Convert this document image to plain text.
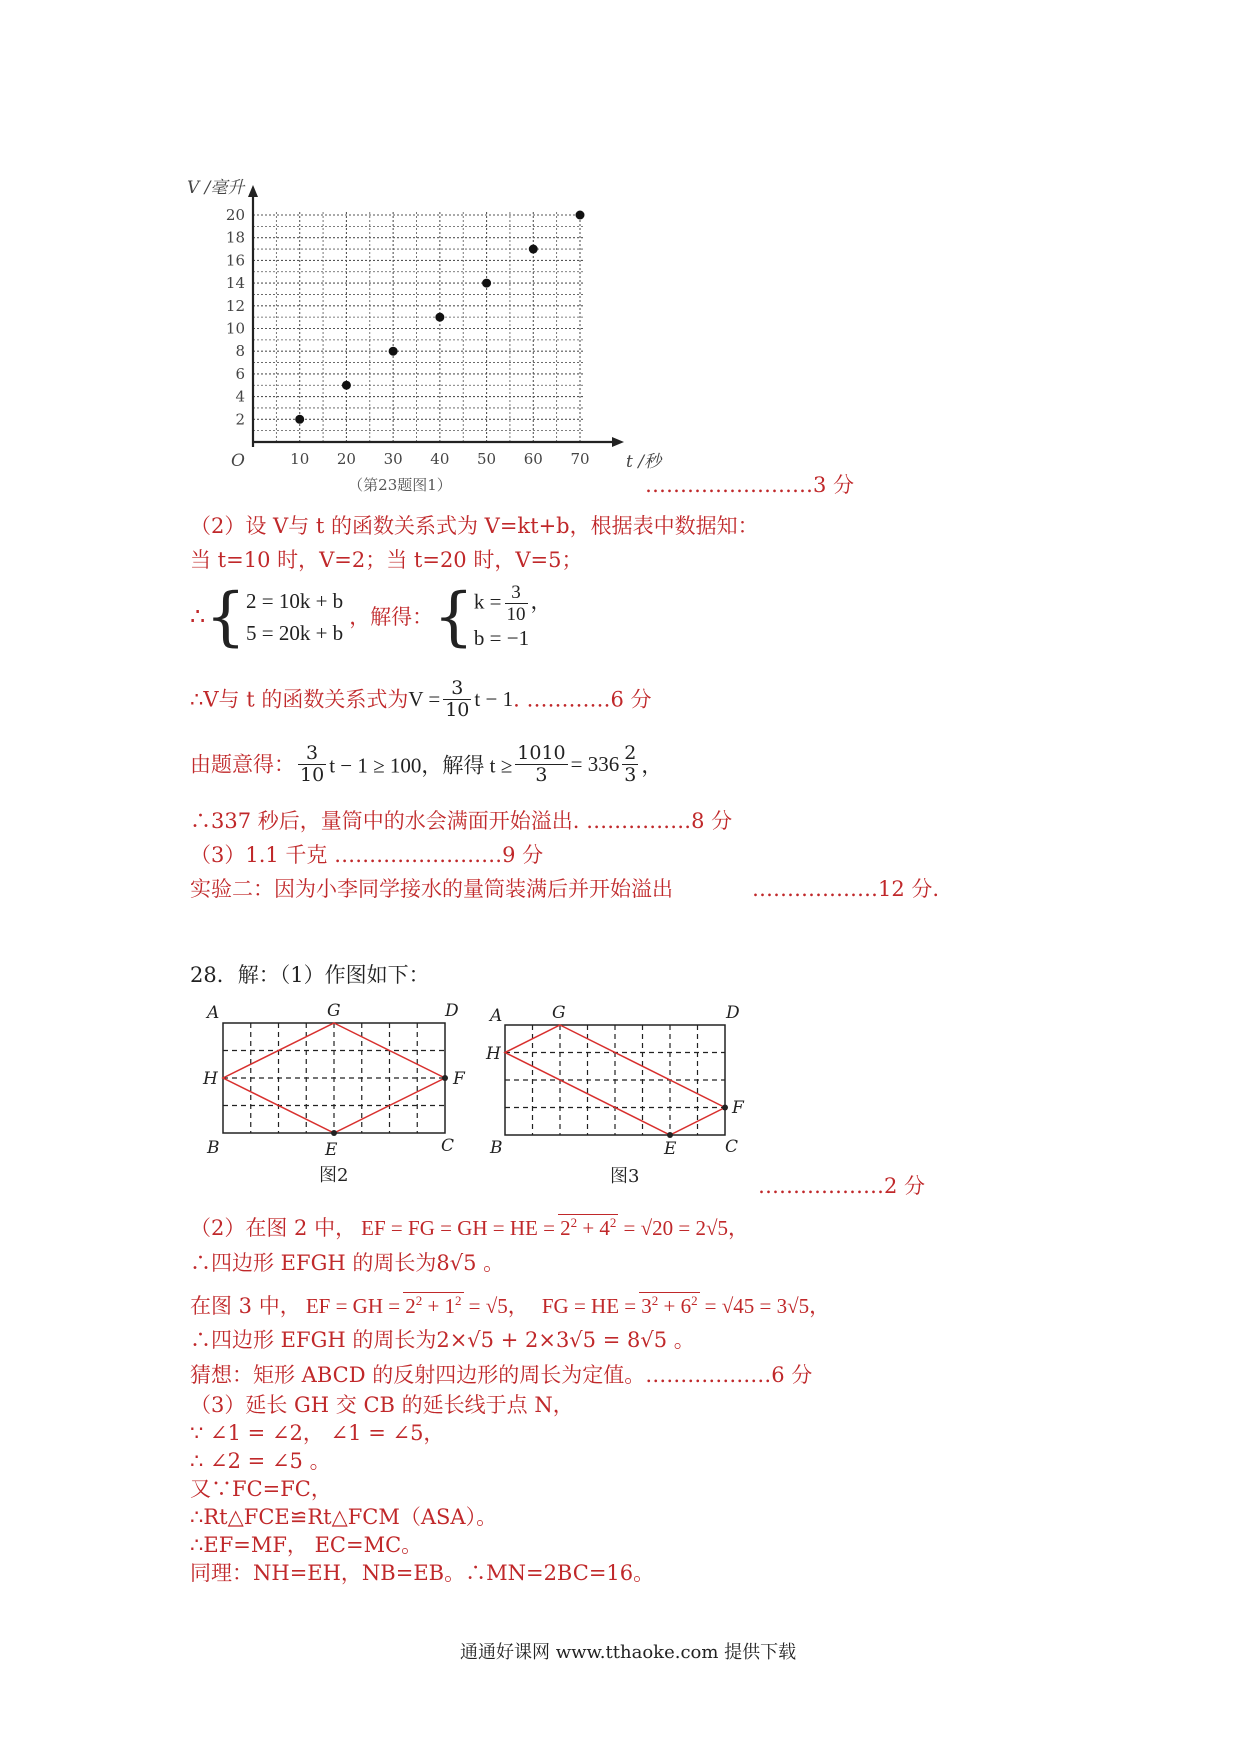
10 20 30 40 50 60 70
2
4
6
8
10
12
14
16
18
20
O	t /秒
V /毫升
（第23题图1）	……………………3 分
（2）设 V与 t 的函数关系式为 V=kt+b，根据表中数据知：
当 t=10 时，V=2；当 t=20 时，V=5；
∴{ 2 = 10k + b
5 = 20k + b
，解得：{ $k = \frac{3}{10}$ ，
b = −1
∴V与 t 的函数关系式为$V = \frac{3}{10}$ t − 1. …………6 分
由题意得： $\frac{3}{10}$ t − 1 ≥ 100，解得 $t \ge \frac{1010}{3} = 336 \frac{2}{3}$ ，
∴337 秒后，量筒中的水会满面开始溢出. ……………8 分
（3）1.1 千克 ……………………9 分
实验二：因为小李同学接水的量筒装满后并开始溢出	………………12 分.
28．解：（1）作图如下：
A	G	D
H	F
B	E	C
图2
A	G	D
H
F
B	E	C
图3	………………2 分
（2）在图 2 中， EF = FG = GH = HE = $2^2 + 4^2 = √20 = 2√5$，
∴四边形 EFGH 的周长为8√5 。
在图 3 中， EF = GH = $2^2 + 1^2 = √5$， FG = HE = $3^2 + 6^2 = √45 = 3√5$，
∴四边形 EFGH 的周长为2×√5 + 2×3√5 = 8√5 。
猜想：矩形 ABCD 的反射四边形的周长为定值。………………6 分
（3）延长 GH 交 CB 的延长线于点 N，
∵ ∠1 = ∠2， ∠1 = ∠5，
∴ ∠2 = ∠5 。
又∵FC=FC，
∴Rt△FCE≌Rt△FCM（ASA）。
∴EF=MF， EC=MC。
同理：NH=EH，NB=EB。∴MN=2BC=16。
通通好课网 www.tthaoke.com 提供下载
